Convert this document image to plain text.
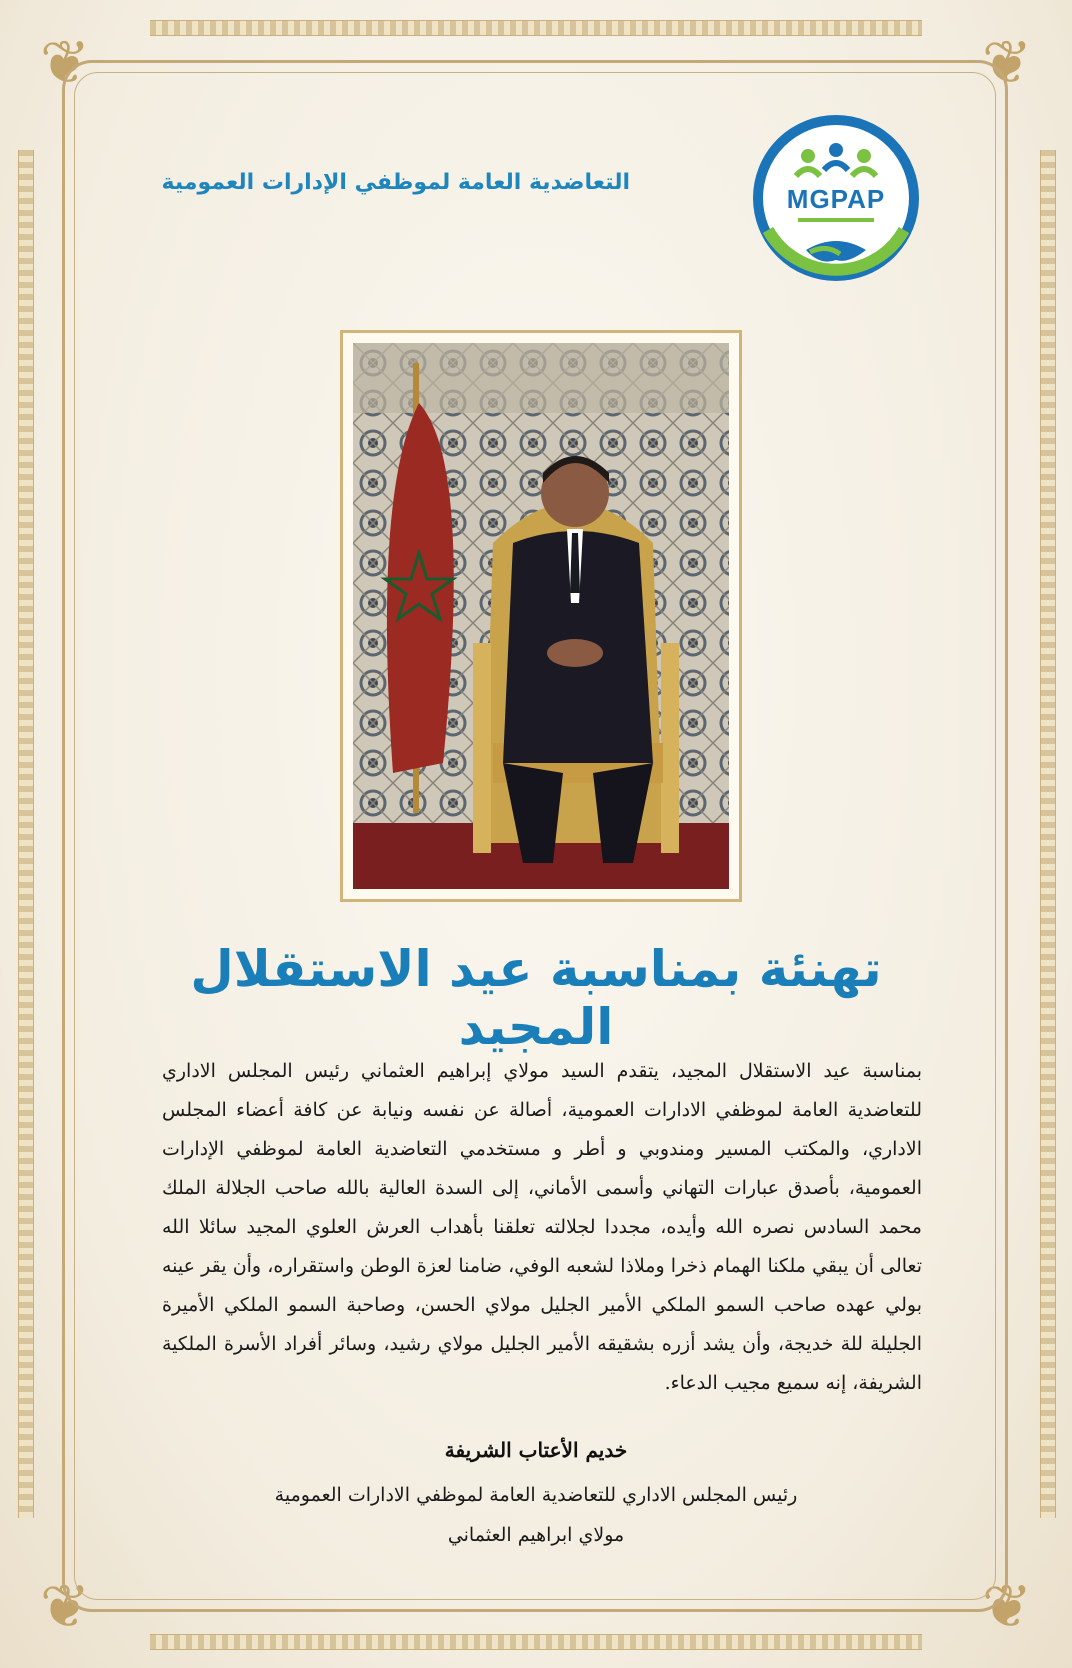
❦	❦
❦	❦
التعاضدية العامة لموظفي الإدارات العمومية
MGPAP
تهنئة بمناسبة عيد الاستقلال المجيد
بمناسبة عيد الاستقلال المجيد، يتقدم السيد مولاي إبراهيم العثماني رئيس المجلس الاداري للتعاضدية العامة لموظفي الادارات العمومية، أصالة عن نفسه ونيابة عن كافة أعضاء المجلس الاداري، والمكتب المسير ومندوبي و أطر و مستخدمي التعاضدية العامة لموظفي الإدارات العمومية، بأصدق عبارات التهاني وأسمى الأماني، إلى السدة العالية بالله صاحب الجلالة الملك محمد السادس نصره الله وأيده، مجددا لجلالته تعلقنا بأهداب العرش العلوي المجيد سائلا الله تعالى أن يبقي ملكنا الهمام ذخرا وملاذا لشعبه الوفي، ضامنا لعزة الوطن واستقراره، وأن يقر عينه بولي عهده صاحب السمو الملكي الأمير الجليل مولاي الحسن، وصاحبة السمو الملكي الأميرة الجليلة للة خديجة، وأن يشد أزره بشقيقه الأمير الجليل مولاي رشيد، وسائر أفراد الأسرة الملكية الشريفة، إنه سميع مجيب الدعاء.
خديم الأعتاب الشريفة
رئيس المجلس الاداري للتعاضدية العامة لموظفي الادارات العمومية
مولاي ابراهيم العثماني
